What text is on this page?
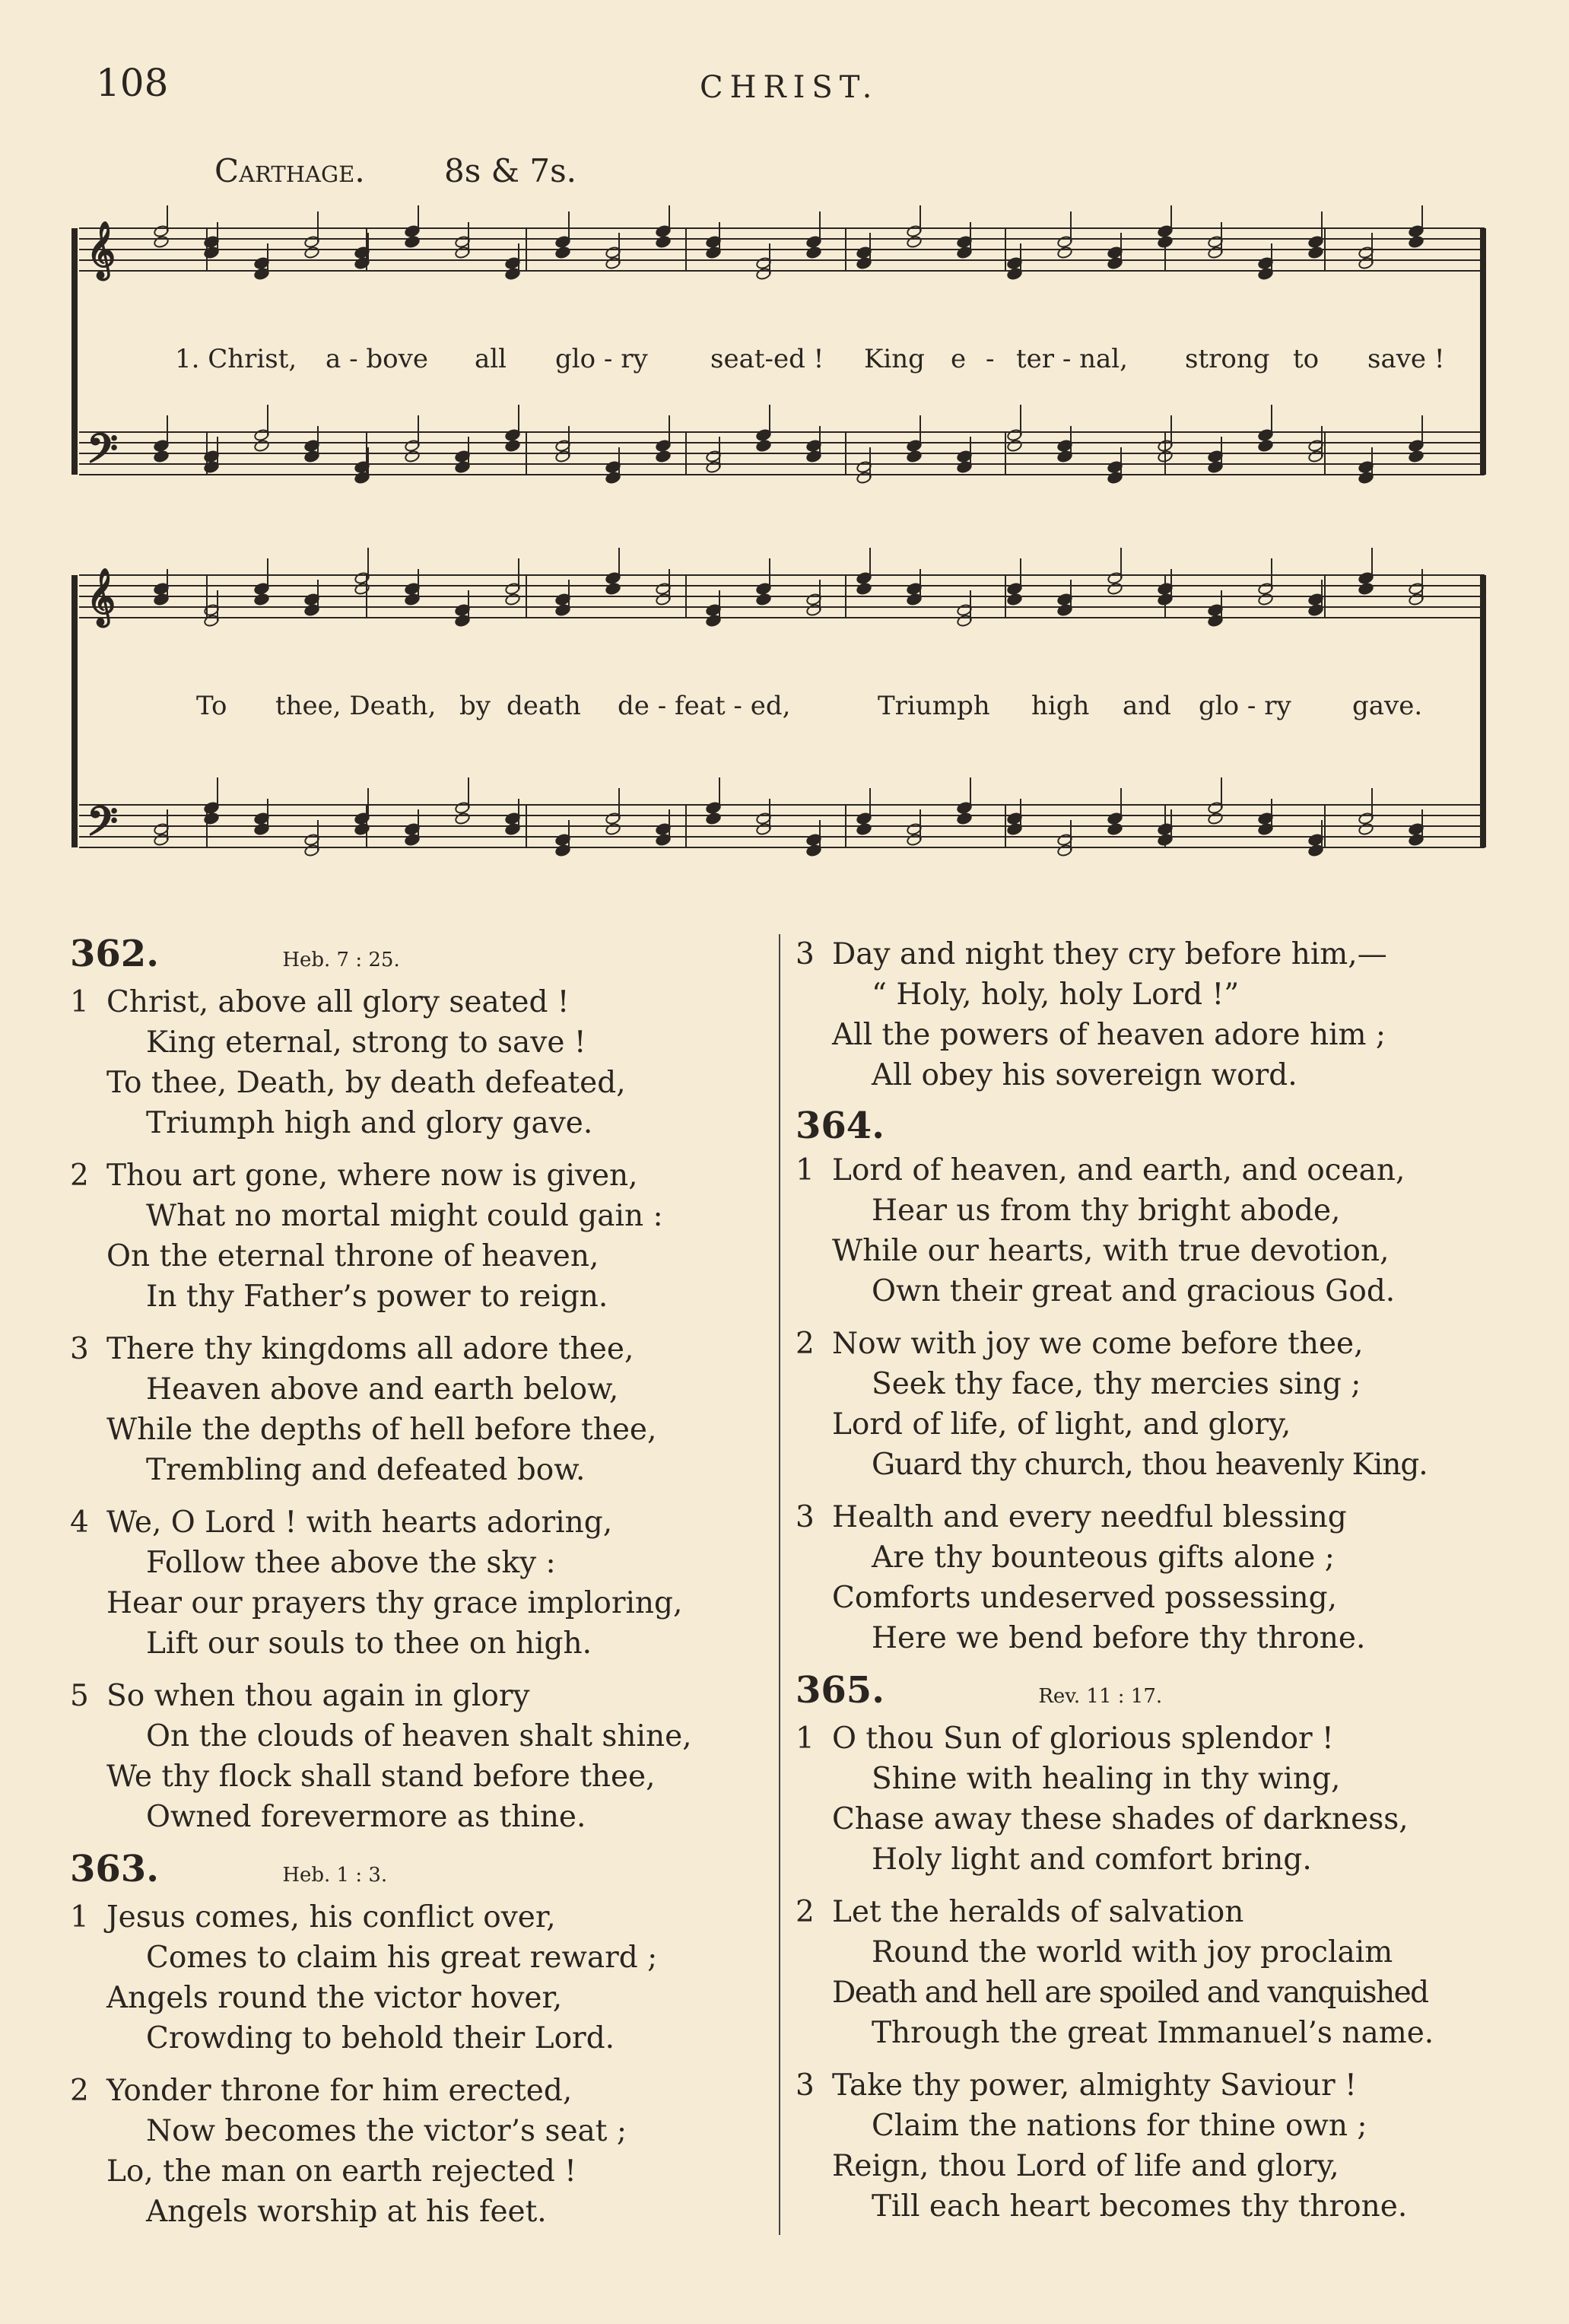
108	CHRIST.
Carthage. 8s & 7s.
𝄞
𝄢
𝄞
𝄢
1. Christ, a - bove all glo - ry seat-ed ! King e - ter - nal, strong to save !
To thee, Death, by death de - feat - ed,	Triumph high and glo - ry gave.
362.	Heb. 7 : 25.
1 Christ, above all glory seated !
King eternal, strong to save !
To thee, Death, by death defeated,
Triumph high and glory gave.
2 Thou art gone, where now is given,
What no mortal might could gain :
On the eternal throne of heaven,
In thy Father’s power to reign.
3 There thy kingdoms all adore thee,
Heaven above and earth below,
While the depths of hell before thee,
Trembling and defeated bow.
4 We, O Lord ! with hearts adoring,
Follow thee above the sky :
Hear our prayers thy grace imploring,
Lift our souls to thee on high.
5 So when thou again in glory
On the clouds of heaven shalt shine,
We thy flock shall stand before thee,
Owned forevermore as thine.
363.	Heb. 1 : 3.
1 Jesus comes, his conflict over,
Comes to claim his great reward ;
Angels round the victor hover,
Crowding to behold their Lord.
2 Yonder throne for him erected,
Now becomes the victor’s seat ;
Lo, the man on earth rejected !
Angels worship at his feet.
3 Day and night they cry before him,—
“ Holy, holy, holy Lord !”
All the powers of heaven adore him ;
All obey his sovereign word.
364.
1 Lord of heaven, and earth, and ocean,
Hear us from thy bright abode,
While our hearts, with true devotion,
Own their great and gracious God.
2 Now with joy we come before thee,
Seek thy face, thy mercies sing ;
Lord of life, of light, and glory,
Guard thy church, thou heavenly King.
3 Health and every needful blessing
Are thy bounteous gifts alone ;
Comforts undeserved possessing,
Here we bend before thy throne.
365.	Rev. 11 : 17.
1 O thou Sun of glorious splendor !
Shine with healing in thy wing,
Chase away these shades of darkness,
Holy light and comfort bring.
2 Let the heralds of salvation
Round the world with joy proclaim
Death and hell are spoiled and vanquished
Through the great Immanuel’s name.
3 Take thy power, almighty Saviour !
Claim the nations for thine own ;
Reign, thou Lord of life and glory,
Till each heart becomes thy throne.
